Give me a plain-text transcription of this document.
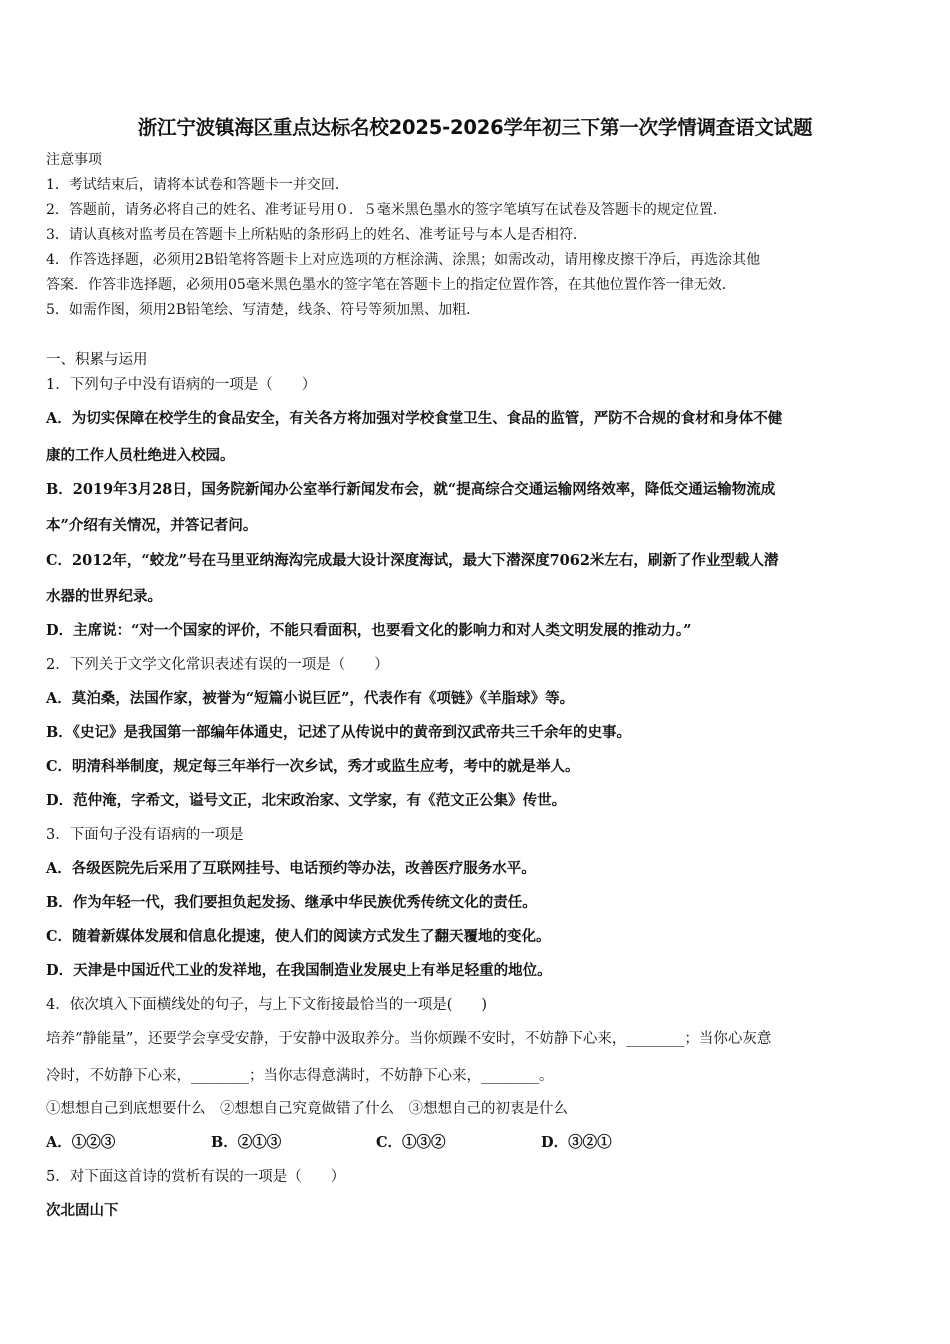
浙江宁波镇海区重点达标名校2025-2026学年初三下第一次学情调查语文试题
注意事项
1．考试结束后，请将本试卷和答题卡一并交回．
2．答题前，请务必将自己的姓名、准考证号用０．５毫米黑色墨水的签字笔填写在试卷及答题卡的规定位置．
3．请认真核对监考员在答题卡上所粘贴的条形码上的姓名、准考证号与本人是否相符．
4．作答选择题，必须用2B铅笔将答题卡上对应选项的方框涂满、涂黑；如需改动，请用橡皮擦干净后，再选涂其他
答案．作答非选择题，必须用05毫米黑色墨水的签字笔在答题卡上的指定位置作答，在其他位置作答一律无效．
5．如需作图，须用2B铅笔绘、写清楚，线条、符号等须加黑、加粗．
一、积累与运用
1．下列句子中没有语病的一项是（　　）
A．为切实保障在校学生的食品安全，有关各方将加强对学校食堂卫生、食品的监管，严防不合规的食材和身体不健
康的工作人员杜绝进入校园。
B．2019年3月28日，国务院新闻办公室举行新闻发布会，就“提高综合交通运输网络效率，降低交通运输物流成
本”介绍有关情况，并答记者问。
C．2012年，“蛟龙”号在马里亚纳海沟完成最大设计深度海试，最大下潜深度7062米左右，刷新了作业型载人潜
水器的世界纪录。
D．主席说：“对一个国家的评价，不能只看面积，也要看文化的影响力和对人类文明发展的推动力。”
2．下列关于文学文化常识表述有误的一项是（　　）
A．莫泊桑，法国作家，被誉为“短篇小说巨匠”，代表作有《项链》《羊脂球》等。
B．《史记》是我国第一部编年体通史，记述了从传说中的黄帝到汉武帝共三千余年的史事。
C．明清科举制度，规定每三年举行一次乡试，秀才或监生应考，考中的就是举人。
D．范仲淹，字希文，谥号文正，北宋政治家、文学家，有《范文正公集》传世。
3．下面句子没有语病的一项是
A．各级医院先后采用了互联网挂号、电话预约等办法，改善医疗服务水平。
B．作为年轻一代，我们要担负起发扬、继承中华民族优秀传统文化的责任。
C．随着新媒体发展和信息化提速，使人们的阅读方式发生了翻天覆地的变化。
D．天津是中国近代工业的发祥地，在我国制造业发展史上有举足轻重的地位。
4．依次填入下面横线处的句子，与上下文衔接最恰当的一项是(　　)
培养“静能量”，还要学会享受安静，于安静中汲取养分。当你烦躁不安时，不妨静下心来，________；当你心灰意
冷时，不妨静下心来，________；当你志得意满时，不妨静下心来，________。
①想想自己到底想要什么　②想想自己究竟做错了什么　③想想自己的初衷是什么
A．①②③	B．②①③	C．①③②	D．③②①
5．对下面这首诗的赏析有误的一项是（　　）
次北固山下
